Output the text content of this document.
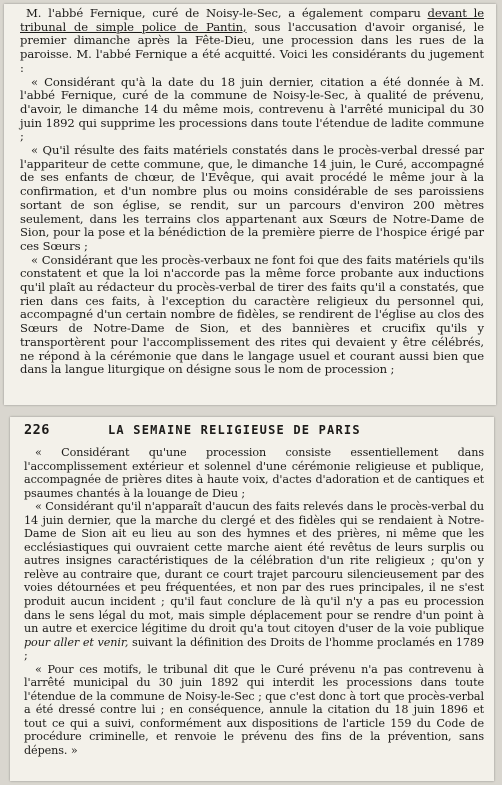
M. l'abbé Fernique, curé de Noisy-le-Sec, a également comparu devant le tribunal de simple police de Pantin, sous l'accusation d'avoir organisé, le premier dimanche après la Fête-Dieu, une procession dans les rues de la paroisse. M. l'abbé Fernique a été acquitté. Voici les considérants du jugement :

« Considérant qu'à la date du 18 juin dernier, citation a été donnée à M. l'abbé Fernique, curé de la commune de Noisy-le-Sec, à qualité de prévenu, d'avoir, le dimanche 14 du même mois, contrevenu à l'arrêté municipal du 30 juin 1892 qui supprime les processions dans toute l'étendue de ladite commune ;

« Qu'il résulte des faits matériels constatés dans le procès-verbal dressé par l'appariteur de cette commune, que, le dimanche 14 juin, le Curé, accompagné de ses enfants de chœur, de l'Evêque, qui avait procédé le même jour à la confirmation, et d'un nombre plus ou moins considérable de ses paroissiens sortant de son église, se rendit, sur un parcours d'environ 200 mètres seulement, dans les terrains clos appartenant aux Sœurs de Notre-Dame de Sion, pour la pose et la bénédiction de la première pierre de l'hospice érigé par ces Sœurs ;

« Considérant que les procès-verbaux ne font foi que des faits matériels qu'ils constatent et que la loi n'accorde pas la même force probante aux inductions qu'il plaît au rédacteur du procès-verbal de tirer des faits qu'il a constatés, que rien dans ces faits, à l'exception du caractère religieux du personnel qui, accompagné d'un certain nombre de fidèles, se rendirent de l'église au clos des Sœurs de Notre-Dame de Sion, et des bannières et crucifix qu'ils y transportèrent pour l'accomplissement des rites qui devaient y être célébrés, ne répond à la cérémonie que dans le langage usuel et courant aussi bien que dans la langue liturgique on désigne sous le nom de procession ;

226	LA SEMAINE RELIGIEUSE DE PARIS

« Considérant qu'une procession consiste essentiellement dans l'accomplissement extérieur et solennel d'une cérémonie religieuse et publique, accompagnée de prières dites à haute voix, d'actes d'adoration et de cantiques et psaumes chantés à la louange de Dieu ;

« Considérant qu'il n'apparaît d'aucun des faits relevés dans le procès-verbal du 14 juin dernier, que la marche du clergé et des fidèles qui se rendaient à Notre-Dame de Sion ait eu lieu au son des hymnes et des prières, ni même que les ecclésiastiques qui ouvraient cette marche aient été revêtus de leurs surplis ou autres insignes caractéristiques de la célébration d'un rite religieux ; qu'on y relève au contraire que, durant ce court trajet parcouru silencieusement par des voies détournées et peu fréquentées, et non par des rues principales, il ne s'est produit aucun incident ; qu'il faut conclure de là qu'il n'y a pas eu procession dans le sens légal du mot, mais simple déplacement pour se rendre d'un point à un autre et exercice légitime du droit qu'a tout citoyen d'user de la voie publique pour aller et venir, suivant la définition des Droits de l'homme proclamés en 1789 ;

« Pour ces motifs, le tribunal dit que le Curé prévenu n'a pas contrevenu à l'arrêté municipal du 30 juin 1892 qui interdit les processions dans toute l'étendue de la commune de Noisy-le-Sec ; que c'est donc à tort que procès-verbal a été dressé contre lui ; en conséquence, annule la citation du 18 juin 1896 et tout ce qui a suivi, conformément aux dispositions de l'article 159 du Code de procédure criminelle, et renvoie le prévenu des fins de la prévention, sans dépens. »
